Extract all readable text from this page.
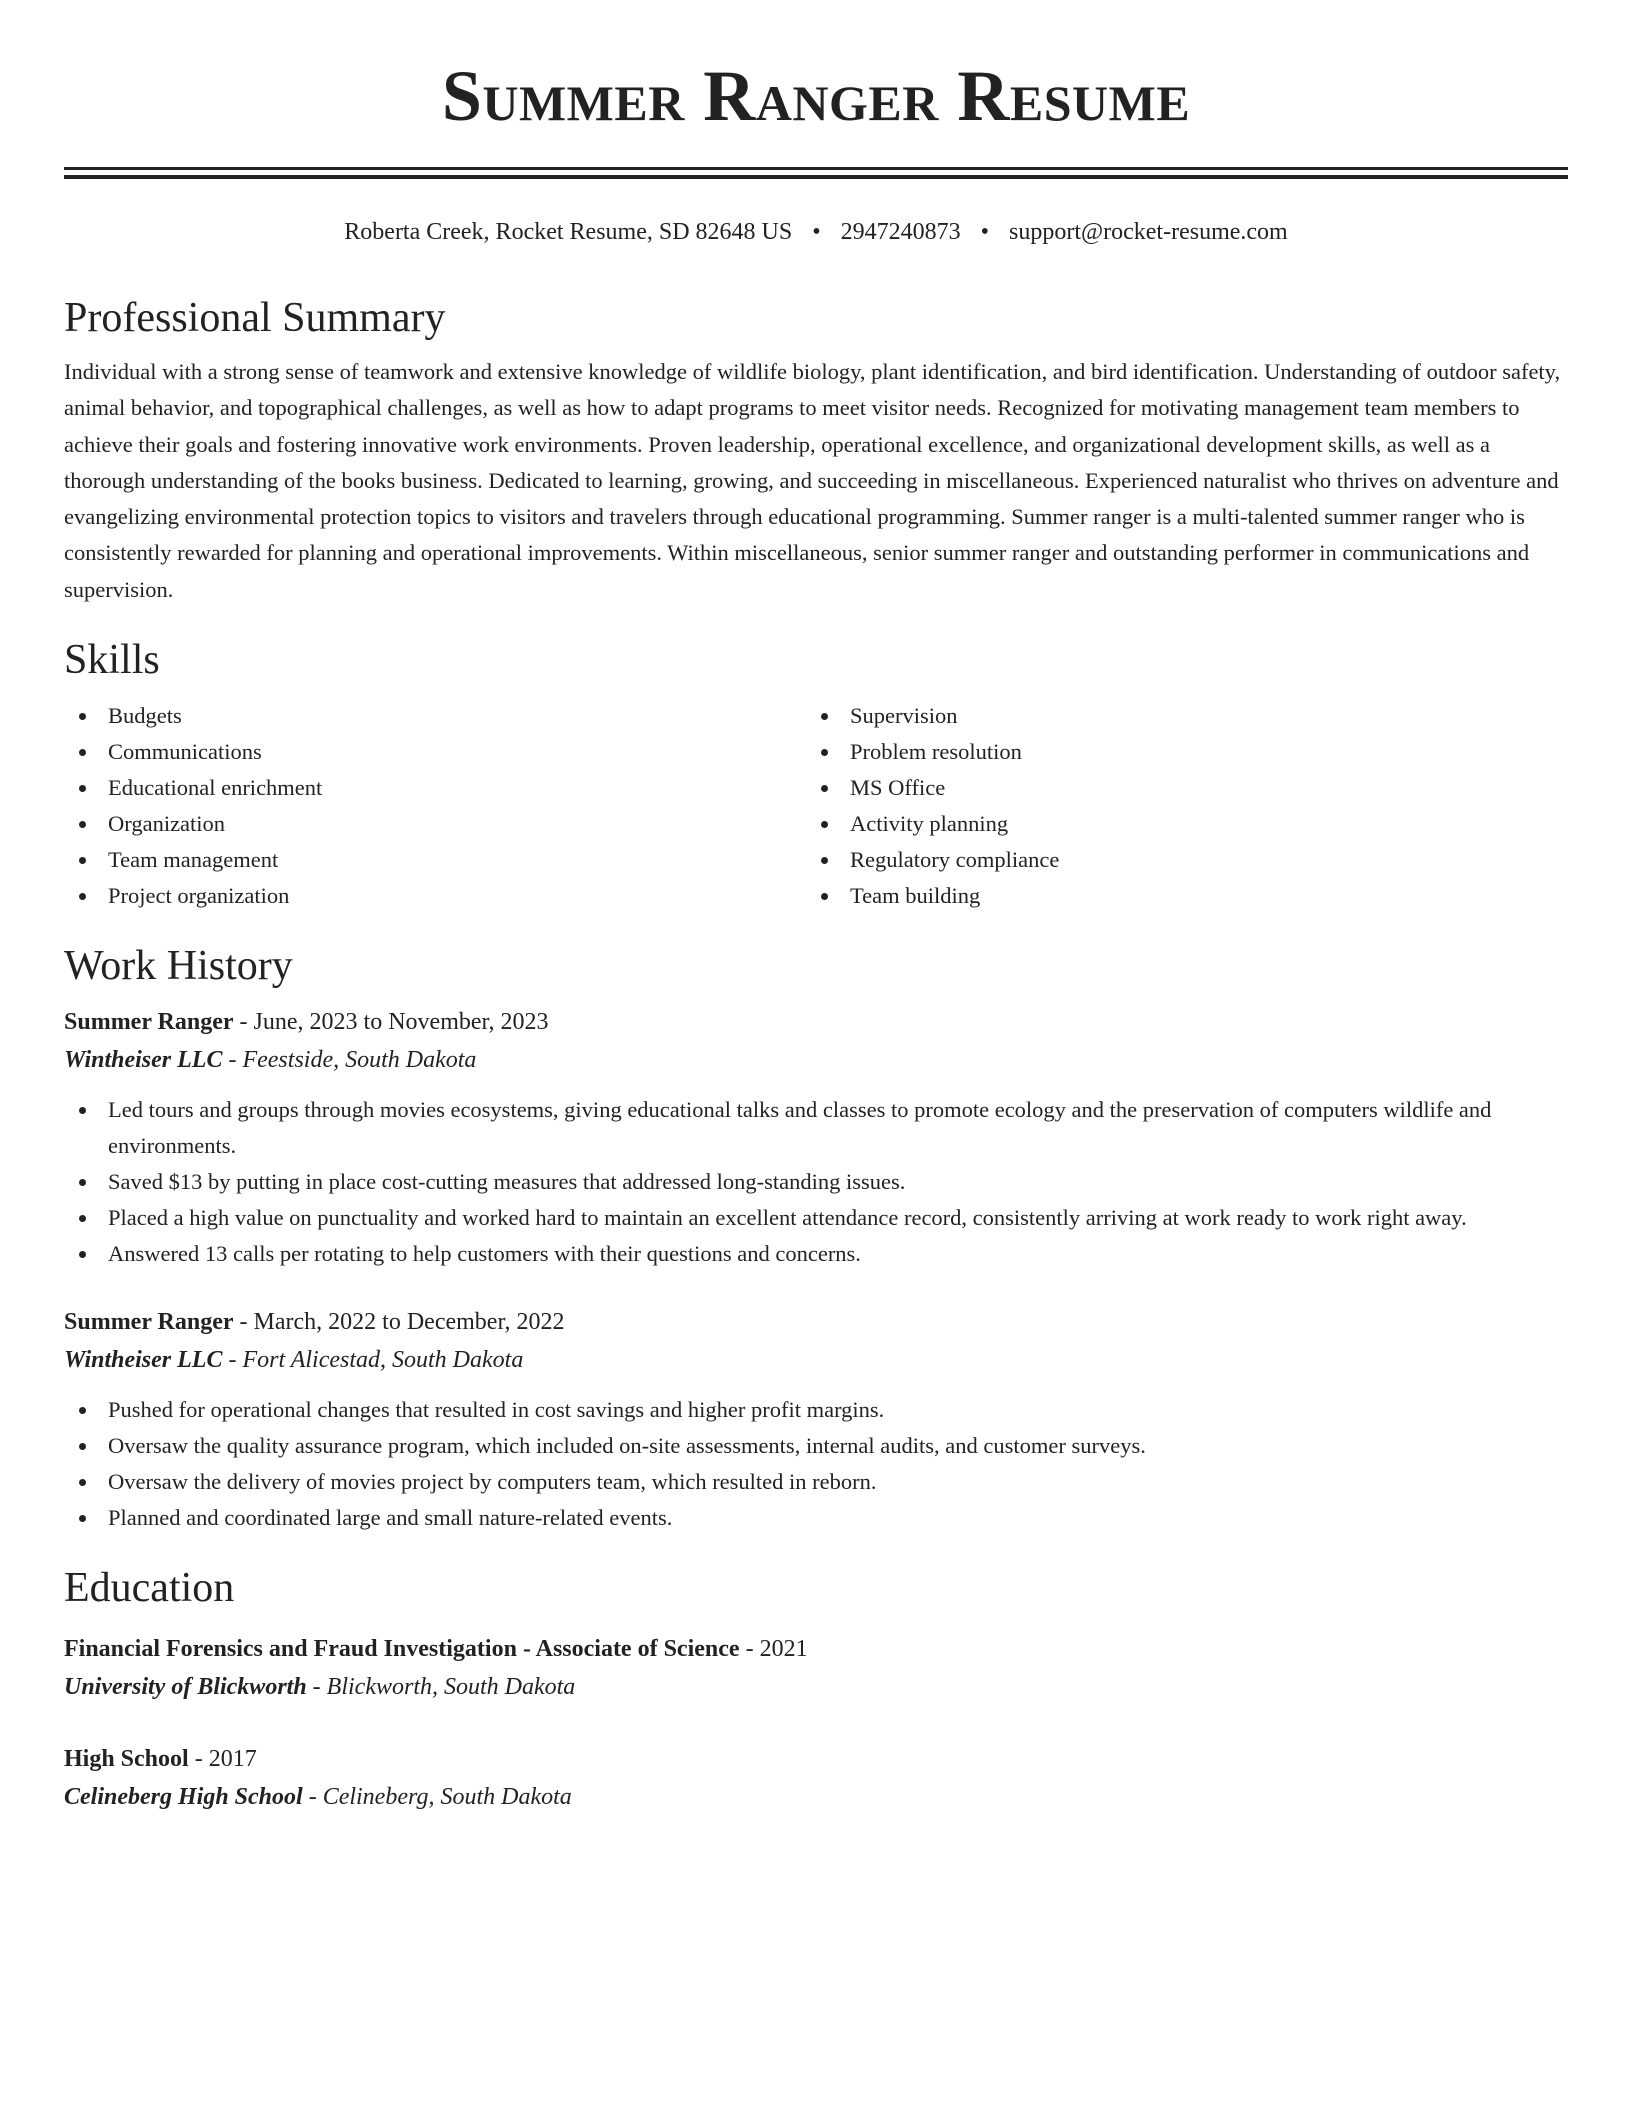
Summer Ranger Resume
Roberta Creek, Rocket Resume, SD 82648 US • 2947240873 • support@rocket-resume.com
Professional Summary

Individual with a strong sense of teamwork and extensive knowledge of wildlife biology, plant identification, and bird identification. Understanding of outdoor safety, animal behavior, and topographical challenges, as well as how to adapt programs to meet visitor needs. Recognized for motivating management team members to achieve their goals and fostering innovative work environments. Proven leadership, operational excellence, and organizational development skills, as well as a thorough understanding of the books business. Dedicated to learning, growing, and succeeding in miscellaneous. Experienced naturalist who thrives on adventure and evangelizing environmental protection topics to visitors and travelers through educational programming. Summer ranger is a multi-talented summer ranger who is consistently rewarded for planning and operational improvements. Within miscellaneous, senior summer ranger and outstanding performer in communications and supervision.

Skills
Budgets
Communications
Educational enrichment
Organization
Team management
Project organization
Supervision
Problem resolution
MS Office
Activity planning
Regulatory compliance
Team building
Work History
Summer Ranger - June, 2023 to November, 2023
Wintheiser LLC - Feestside, South Dakota
Led tours and groups through movies ecosystems, giving educational talks and classes to promote ecology and the preservation of computers wildlife and environments.
Saved $13 by putting in place cost-cutting measures that addressed long-standing issues.
Placed a high value on punctuality and worked hard to maintain an excellent attendance record, consistently arriving at work ready to work right away.
Answered 13 calls per rotating to help customers with their questions and concerns.
Summer Ranger - March, 2022 to December, 2022
Wintheiser LLC - Fort Alicestad, South Dakota
Pushed for operational changes that resulted in cost savings and higher profit margins.
Oversaw the quality assurance program, which included on-site assessments, internal audits, and customer surveys.
Oversaw the delivery of movies project by computers team, which resulted in reborn.
Planned and coordinated large and small nature-related events.
Education
Financial Forensics and Fraud Investigation - Associate of Science - 2021
University of Blickworth - Blickworth, South Dakota
High School - 2017
Celineberg High School - Celineberg, South Dakota
